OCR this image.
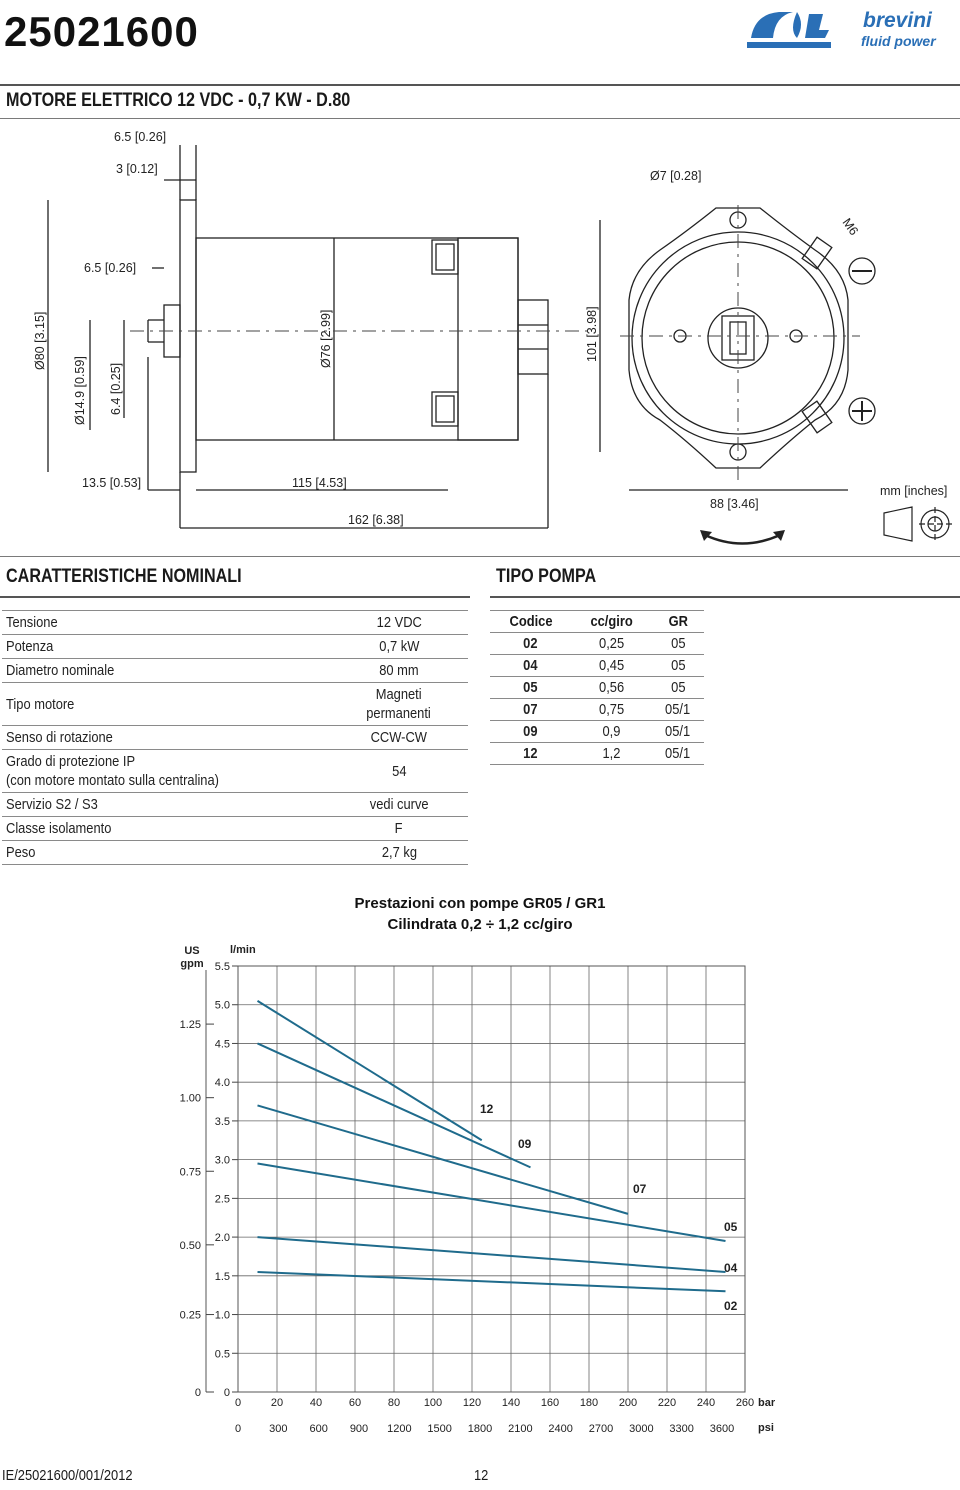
25021600	brevini
fluid power
MOTORE ELETTRICO 12 VDC - 0,7 KW - D.80
6.5 [0.26]
3 [0.12]
6.5 [0.26]
Ø80 [3.15]
Ø14.9 [0.59] 6.4 [0.25]
Ø76 [2.99]
13.5 [0.53]	115 [4.53]
162 [6.38]
Ø7 [0.28]
M6
101 [3.98]
88 [3.46]
mm [inches]
CARATTERISTICHE NOMINALI
Tensione	12 VDC
Potenza	0,7 kW
Diametro nominale	80 mm
Tipo motore	Magneti
permanenti
Senso di rotazione	CCW-CW
Grado di protezione IP
(con motore montato sulla centralina)	54
Servizio S2 / S3	vedi curve
Classe isolamento	F
Peso	2,7 kg
TIPO POMPA
Codice	cc/giro	GR
02	0,25	05
04	0,45	05
05	0,56	05
07	0,75	05/1
09	0,9	05/1
12	1,2	05/1
Prestazioni con pompe GR05 / GR1
Cilindrata 0,2 ÷ 1,2 cc/giro
US
gpm
l/min
bar
psi
0
0.5
1.0
1.5
2.0
2.5
3.0
3.5
4.0
4.5
5.0
5.5
0	20 40 60 80 100 120 140 160 180 200 220 240 260
0	300 600 900 1200 1500 1800 2100 2400 2700 3000 3300 3600
0
0.25
0.50
0.75
1.00
1.25
12
09
07
05
04
02
IE/25021600/001/2012	12
